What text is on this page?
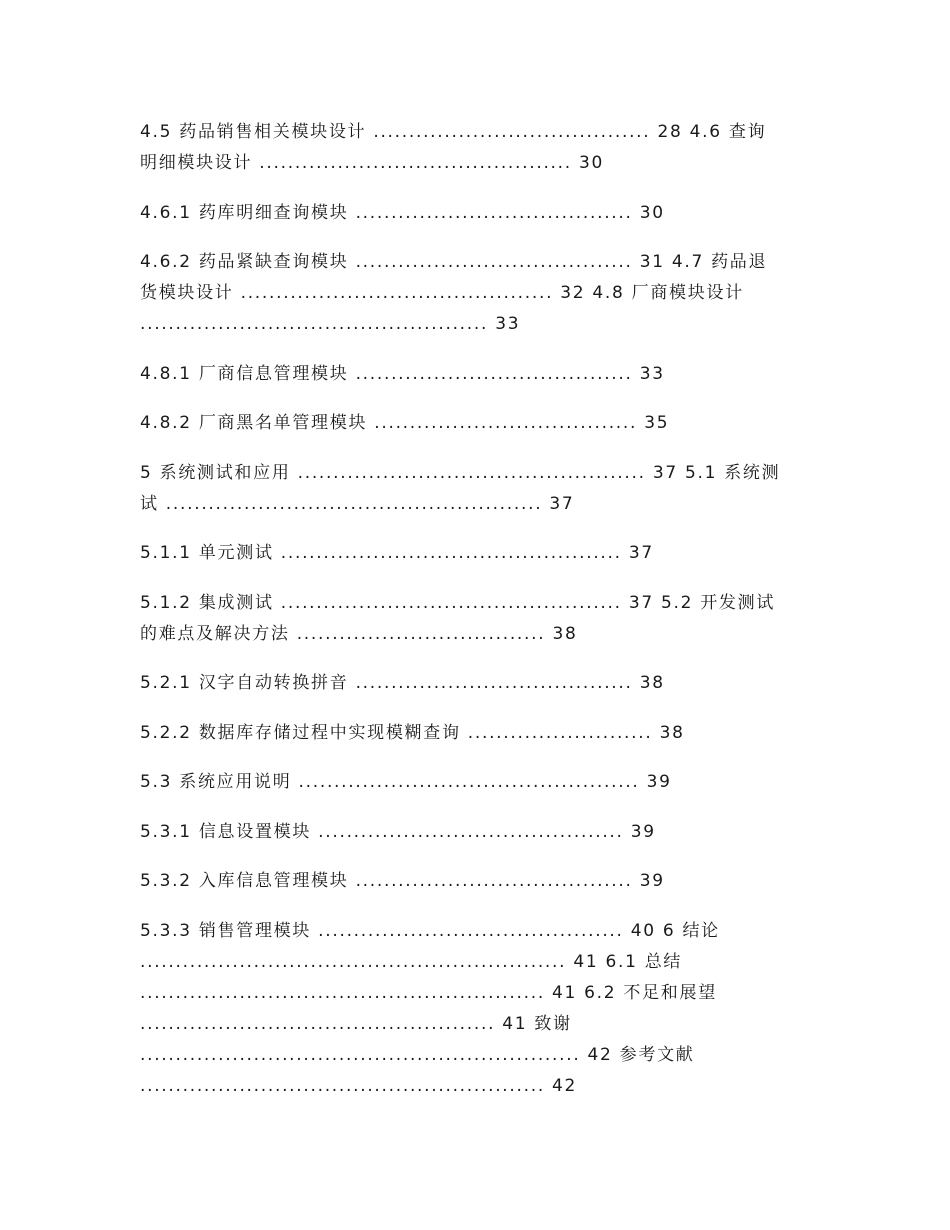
4.5 药品销售相关模块设计 ....................................... 28 4.6 查询
明细模块设计 ............................................ 30

4.6.1 药库明细查询模块 ....................................... 30

4.6.2 药品紧缺查询模块 ....................................... 31 4.7 药品退
货模块设计 ............................................ 32 4.8 厂商模块设计
................................................. 33

4.8.1 厂商信息管理模块 ....................................... 33

4.8.2 厂商黑名单管理模块 ..................................... 35

5 系统测试和应用 ................................................. 37 5.1 系统测
试 ..................................................... 37

5.1.1 单元测试 ................................................ 37

5.1.2 集成测试 ................................................ 37 5.2 开发测试
的难点及解决方法 ................................... 38

5.2.1 汉字自动转换拼音 ....................................... 38

5.2.2 数据库存储过程中实现模糊查询 .......................... 38

5.3 系统应用说明 ................................................ 39

5.3.1 信息设置模块 ........................................... 39

5.3.2 入库信息管理模块 ....................................... 39

5.3.3 销售管理模块 ........................................... 40 6 结论
............................................................ 41 6.1 总结
......................................................... 41 6.2 不足和展望
.................................................. 41 致谢
.............................................................. 42 参考文献
......................................................... 42
